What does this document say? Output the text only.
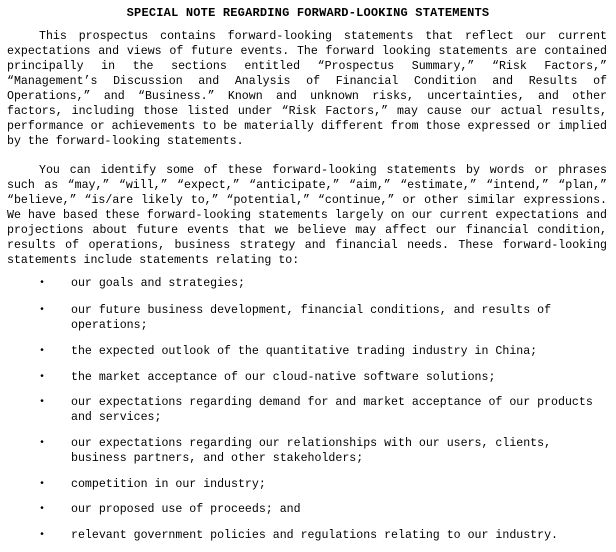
SPECIAL NOTE REGARDING FORWARD-LOOKING STATEMENTS
This prospectus contains forward-looking statements that reflect our current expectations and views of future events. The forward looking statements are contained principally in the sections entitled “Prospectus Summary,” “Risk Factors,” “Management’s Discussion and Analysis of Financial Condition and Results of Operations,” and “Business.” Known and unknown risks, uncertainties, and other factors, including those listed under “Risk Factors,” may cause our actual results, performance or achievements to be materially different from those expressed or implied by the forward-looking statements.
You can identify some of these forward-looking statements by words or phrases such as “may,” “will,” “expect,” “anticipate,” “aim,” “estimate,” “intend,” “plan,” “believe,” “is/are likely to,” “potential,” “continue,” or other similar expressions. We have based these forward-looking statements largely on our current expectations and projections about future events that we believe may affect our financial condition, results of operations, business strategy and financial needs. These forward-looking statements include statements relating to:
• our goals and strategies;
• our future business development, financial conditions, and results of operations;
• the expected outlook of the quantitative trading industry in China;
• the market acceptance of our cloud-native software solutions;
• our expectations regarding demand for and market acceptance of our products and services;
• our expectations regarding our relationships with our users, clients, business partners, and other stakeholders;
• competition in our industry;
• our proposed use of proceeds; and
• relevant government policies and regulations relating to our industry.
